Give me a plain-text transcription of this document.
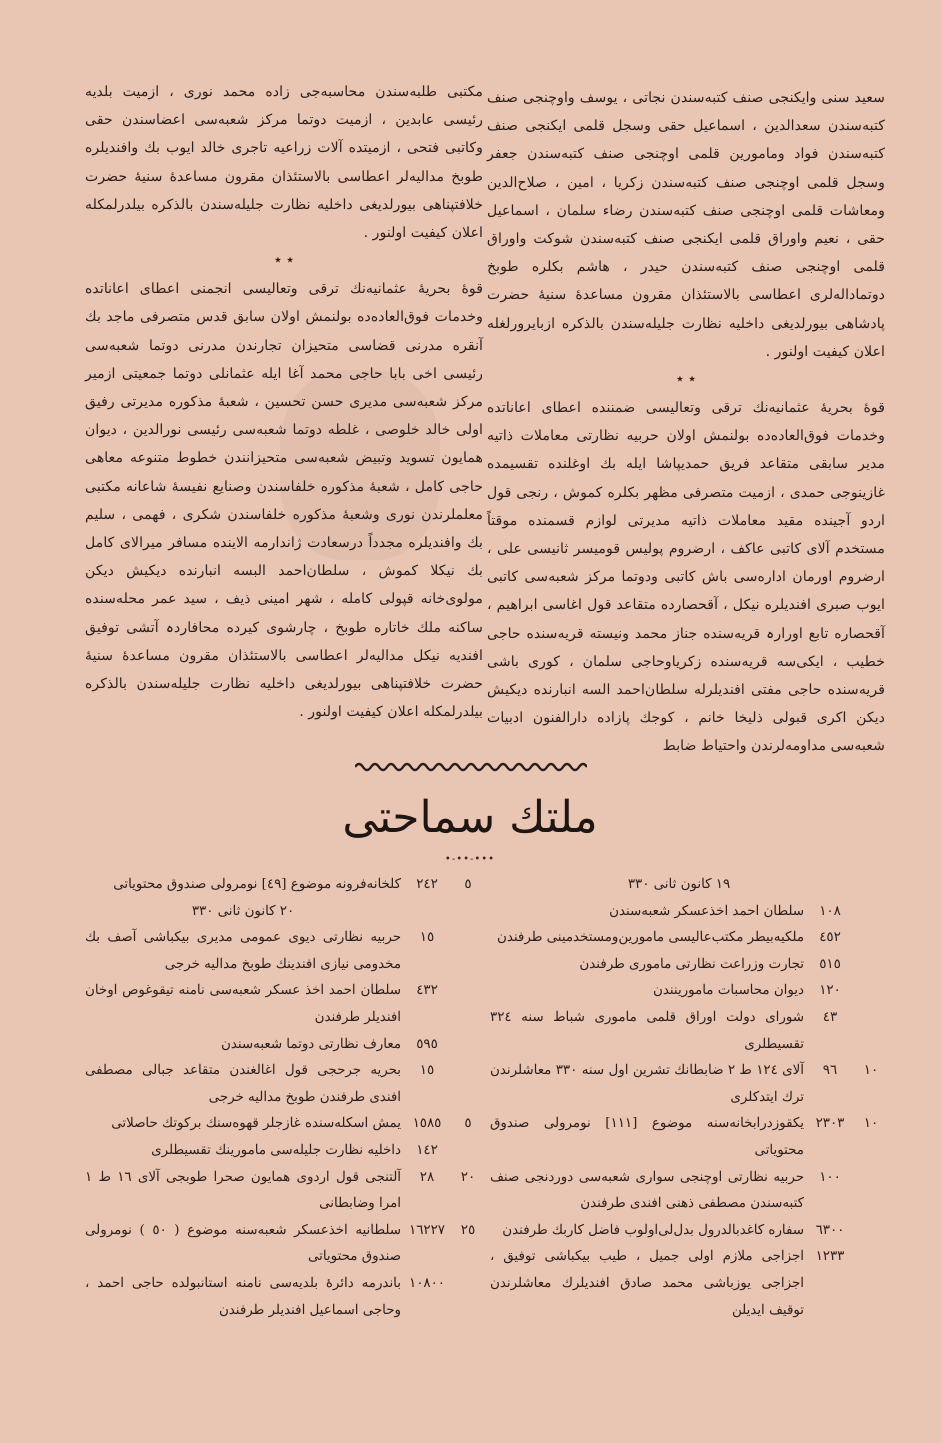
سعید سنی وایکنجی صنف کتبه‌سندن نجاتی ، یوسف واوچنجی صنف کتبه‌سندن سعدالدین ، اسماعیل حقی وسجل قلمی ایکنجی صنف کتبه‌سندن فواد وما‌مورین قلمی اوچنجی صنف کتبه‌سندن جعفر وسجل قلمی اوچنجی صنف کتبه‌سندن زکریا ، امین ، صلاح‌الدین ومعاشات قلمی اوچنجی صنف کتبه‌سندن رضاء سلمان ، اسماعیل حقی ، نعیم واوراق قلمی ایکنجی صنف کتبه‌سندن شوکت واوراق قلمی اوچنجی صنف کتبه‌سندن حیدر ، هاشم بکلره طوبخ دوتماداله‌لری اعطاسی بالاستئذان مقرون مساعدهٔ سنیهٔ حضرت پادشاهی بیورلدیغی داخلیه نظارت جلیله‌سندن بالذکره ازبایرورلغله اعلان کیفیت اولنور .

٭ ٭

قوهٔ بحریهٔ عثمانیه‌نك ترقی وتعالیسی ضمننده اعطای اعاناتده وخدمات فوق‌العاده‌ده بولنمش اولان حربیه نظارتی معاملات ذاتیه مدیر سابقی متقاعد فریق حمدیپاشا ایله بك اوغلنده تقسیمده غازینوجی حمدی ، ازمیت متصرفی مظهر بکلره کموش ، رنجی قول اردو آجینده مقید معاملات ذاتیه مدیرتی لوازم قسمنده موقتاً مستخدم آلای کاتبی عاکف ، ارضروم پولیس قومیسر ثانیسی علی ، ارضروم اورمان اداره‌سی باش کاتبی ودوتما مرکز شعبه‌سی کاتبی ایوب صبری افندیلره نیکل ، آقحصارده متقاعد قول اغاسی ابراهیم ، آقحصاره تابع اورارہ قریه‌سنده جناز محمد ونیسته قریه‌سنده حاجی خطیب ، ایکی‌سه قریه‌سنده زکریاوحاجی سلمان ، کوری باشی قریه‌سنده حاجی مفتی افندیلرله سلطان‌احمد السه انبارنده دیکیش دیکن اکری قبولی ذلیخا خانم ، کوجك پازاده دارالفنون ادبیات شعبه‌سی مداومه‌لرندن واحتیاط ضابط

مکتبی طلبه‌سندن محاسبه‌جی زاده محمد نوری ، ازمیت بلدیه رئیسی عابدین ، ازمیت دوتما مرکز شعبه‌سی اعضاسندن حقی وکاتبی فتحی ، ازمیتده آلات زراعیه تاجری خالد ایوب بك وافندیلره طوبخ مدالیه‌لر اعطاسی بالاستئذان مقرون مساعدهٔ سنیهٔ حضرت خلافتپناهی بیورلدیغی داخلیه نظارت جلیله‌سندن بالذکره بیلدرلمکله اعلان کیفیت اولنور .

٭ ٭

قوهٔ بحریهٔ عثمانیه‌نك ترقی وتعالیسی انجمنی اعطای اعاناتده وخدمات فوق‌العاده‌ده بولنمش اولان سابق قدس متصرفی ماجد بك آنقره مدرنی قضاسی متحیزان تجارندن مدرنی دوتما شعبه‌سی رئیسی اخی بابا حاجی محمد آغا ایله عثمانلی دوتما جمعیتی ازمیر مرکز شعبه‌سی مدیری حسن تحسین ، شعبهٔ مذکوره مدیرتی رفیق اولی خالد خلوصی ، غلطه دوتما شعبه‌سی رئیسی نورالدین ، دیوان همایون تسوید وتبیض شعبه‌سی متحیزانندن خطوط متنوعه معاهی حاجی کامل ، شعبهٔ مذکوره خلفاسندن وصنایع نفیسهٔ شاعانه مکتبی معلملرندن نوری وشعبهٔ مذکوره خلفاسندن شکری ، فهمی ، سلیم بك وافندیلره مجدداً درسعادت ژاندارمه الاینده مسافر میرالای کامل بك نیکلا کموش ، سلطان‌احمد البسه انبارنده دیکیش دیکن مولوی‌خانه قپولی کامله ، شهر امینی ذیف ، سید عمر محله‌سنده ساکنه ملك خاتاره طوبخ ، چارشوی کیرده محافاردہ آتشی توفیق افندیه نیکل مدالیه‌لر اعطاسی بالاستئذان مقرون مساعدهٔ سنیهٔ حضرت خلافتپناهی بیورلدیغی داخلیه نظارت جلیله‌سندن بالذکره بیلدرلمکله اعلان کیفیت اولنور .

ملتك سماحتی
•-••-•••
١٩ كانون ثانی ٣٣٠
١٠٨
سلطان احمد اخذعسکر شعبه‌سندن
٤٥٢
ملکیه‌بیطر مکتب‌عالیسی ما‌مورین‌ومستخدمینی طرفندن
٥١٥
تجارت وزراعت نظارتی ما‌موری طرفندن
١٢٠
دیوان محاسبات ما‌مورینندن
٤٣
شورای دولت اوراق قلمی ما‌موری شباط سنه ٣٢٤ تقسیطلری
١٠
٩٦
آلای ١٢٤ ط ٢ ضابطانك تشرین اول سنه ٣٣٠ معاشلرندن ترك ایتدکلری
١٠
٢٣٠٣
یکقوزدرابخانه‌سنه موضوع [١١١] نومرولی صندوق محتویاتی
١٠٠
حربیه نظارتی اوچنجی سواری شعبه‌سی دوردنجی صنف کتبه‌سندن مصطفی ذهنی افندی طرفندن
٦٣٠٠
سفاره کاغدبالدرول بدل‌لی‌اولوب فاضل کاربك طرفندن
١٢٣٣
اجزاجی ملازم اولی جمیل ، طیب بیکباشی توفیق ، اجزاجی یوزباشی محمد صادق افندیلرك معاشلرندن توقیف ایدیلن
٥
٢٤٢
کلخانه‌فرونه موضوع [٤٩] نومرولی صندوق محتویاتی
٢٠ كانون ثانی ٣٣٠
١٥
حربیه نظارتی دیوی عمومی مدیری بیکباشی آصف بك مخدومی نیازی افندینك طوبخ مدالیه خرجی
٤٣٢
سلطان احمد اخذ عسکر شعبه‌سی نامنه تیقوغوص اوخان افندیلر طرفندن
٥٩٥
معارف نظارتی دوتما شعبه‌سندن
١٥
بحریه جرحجی قول اغالغندن متقاعد جبالی مصطفی افندی طرفندن طوبخ مدالیه خرجی
٥
١٥٨٥
یمش اسکله‌سنده غازجلر قهوه‌سنك برکوتك حاصلاتی
١٤٢
داخلیه نظارت جلیله‌سی ما‌مورینك تقسیطلری
٢٠
٢٨
آلتنجی قول اردوی همایون صحرا طوبجی آلای ١٦ ط ١ امرا وضابطانی
٢٥
١٦٢٢٧
سلطانیه اخذعسکر شعبه‌سنه موضوع ( ٥٠ ) نومرولی صندوق محتویاتی
١٠٨٠٠
باندرمه دائرهٔ بلدیه‌سی نامنه استانبولده حاجی احمد ، وحاجی اسماعیل افندیلر طرفندن
